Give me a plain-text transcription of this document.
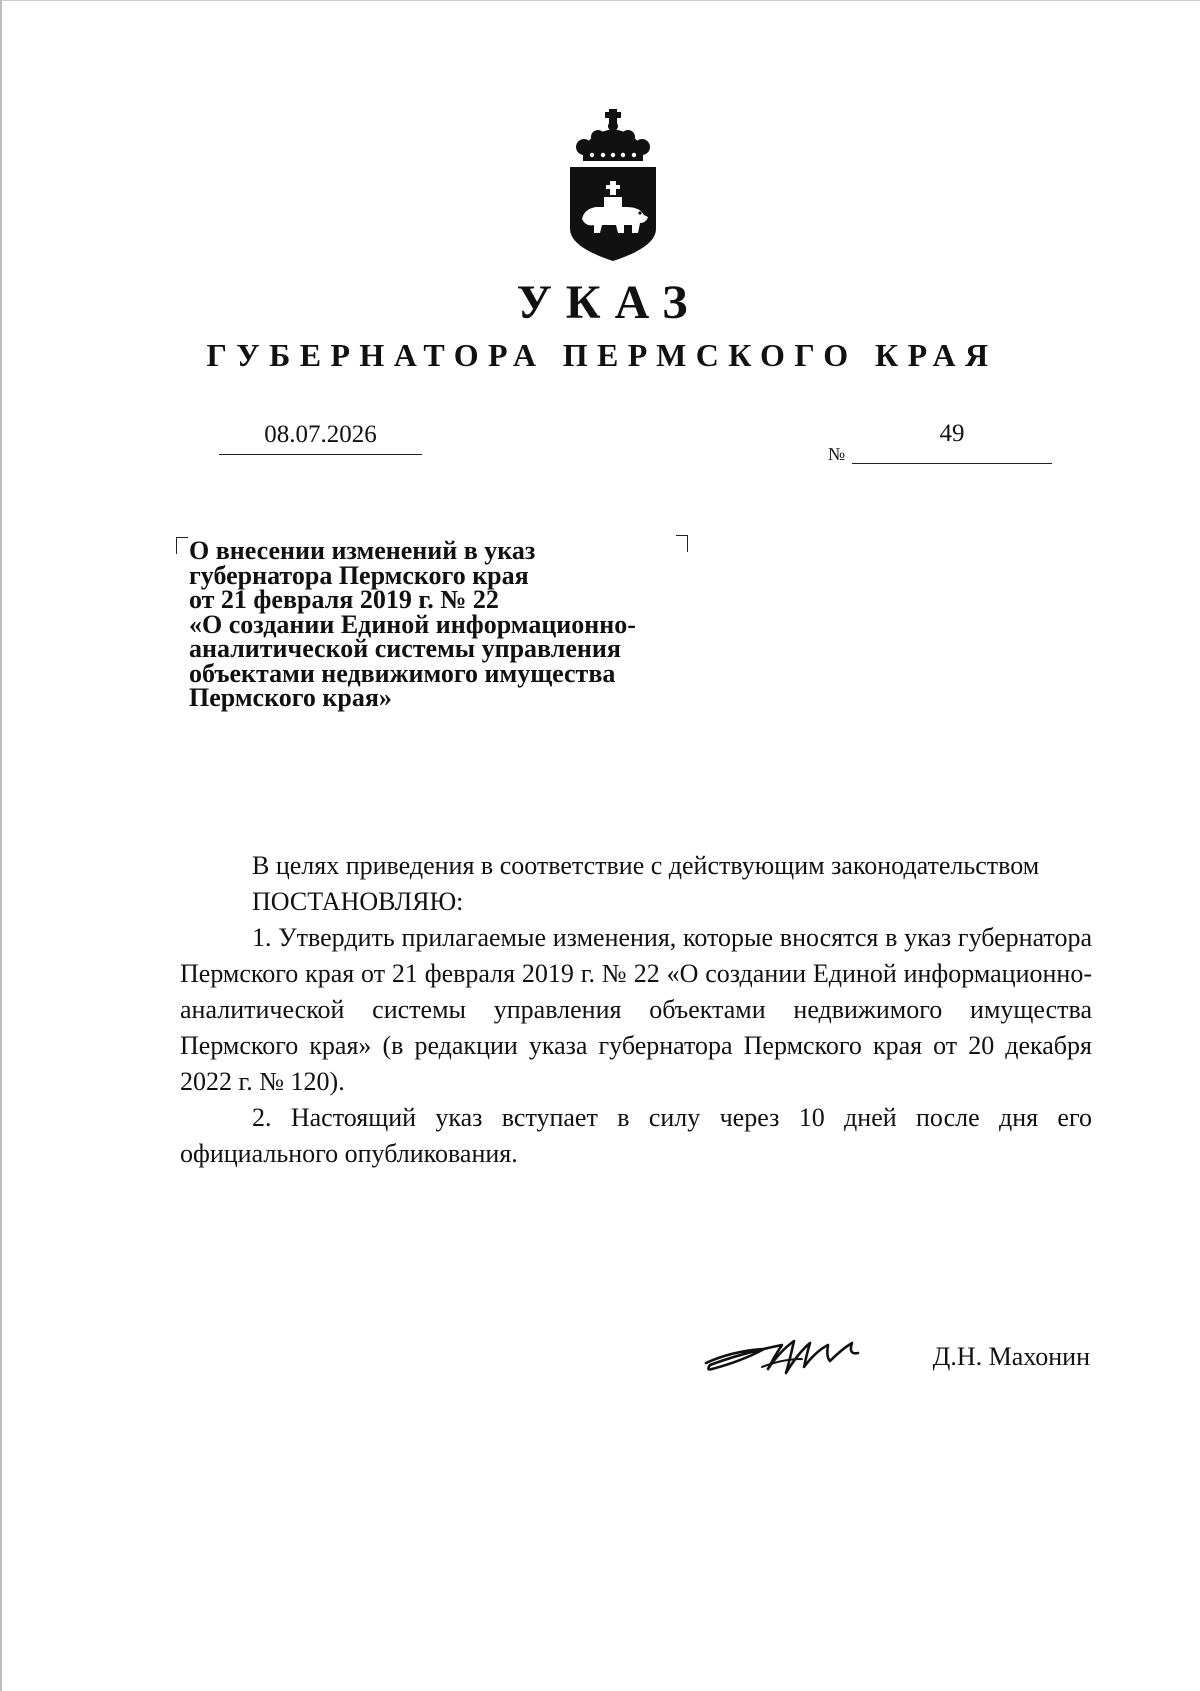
УКАЗ
ГУБЕРНАТОРА ПЕРМСКОГО КРАЯ
08.07.2026
№
49
О внесении изменений в указ
губернатора Пермского края
от 21 февраля 2019 г. № 22
«О создании Единой информационно-
аналитической системы управления
объектами недвижимого имущества
Пермского края»

В целях приведения в соответствие с действующим законодательством

ПОСТАНОВЛЯЮ:

1. Утвердить прилагаемые изменения, которые вносятся в указ губернатора Пермского края от 21 февраля 2019 г. № 22 «О создании Единой информационно-аналитической системы управления объектами недвижимого имущества Пермского края» (в редакции указа губернатора Пермского края от 20 декабря 2022 г. № 120).

2. Настоящий указ вступает в силу через 10 дней после дня его официального опубликования.

Д.Н. Махонин
